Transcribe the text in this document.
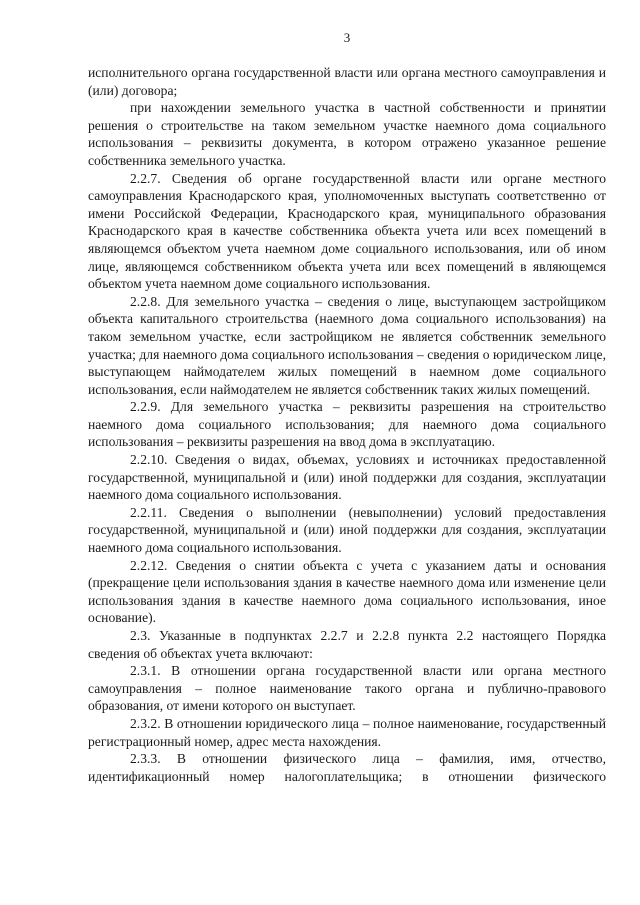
3

исполнительного органа государственной власти или органа местного самоуправления и (или) договора;

при нахождении земельного участка в частной собственности и принятии решения о строительстве на таком земельном участке наемного дома социального использования – реквизиты документа, в котором отражено указанное решение собственника земельного участка.

2.2.7. Сведения об органе государственной власти или органе местного самоуправления Краснодарского края, уполномоченных выступать соответственно от имени Российской Федерации, Краснодарского края, муниципального образования Краснодарского края в качестве собственника объекта учета или всех помещений в являющемся объектом учета наемном доме социального использования, или об ином лице, являющемся собственником объекта учета или всех помещений в являющемся объектом учета наемном доме социального использования.

2.2.8. Для земельного участка – сведения о лице, выступающем застройщиком объекта капитального строительства (наемного дома социального использования) на таком земельном участке, если застройщиком не является собственник земельного участка; для наемного дома социального использования – сведения о юридическом лице, выступающем наймодателем жилых помещений в наемном доме социального использования, если наймодателем не является собственник таких жилых помещений.

2.2.9. Для земельного участка – реквизиты разрешения на строительство наемного дома социального использования; для наемного дома социального использования – реквизиты разрешения на ввод дома в эксплуатацию.

2.2.10. Сведения о видах, объемах, условиях и источниках предоставленной государственной, муниципальной и (или) иной поддержки для создания, эксплуатации наемного дома социального использования.

2.2.11. Сведения о выполнении (невыполнении) условий предоставления государственной, муниципальной и (или) иной поддержки для создания, эксплуатации наемного дома социального использования.

2.2.12. Сведения о снятии объекта с учета с указанием даты и основания (прекращение цели использования здания в качестве наемного дома или изменение цели использования здания в качестве наемного дома социального использования, иное основание).

2.3. Указанные в подпунктах 2.2.7 и 2.2.8 пункта 2.2 настоящего Порядка сведения об объектах учета включают:

2.3.1. В отношении органа государственной власти или органа местного самоуправления – полное наименование такого органа и публично-правового образования, от имени которого он выступает.

2.3.2. В отношении юридического лица – полное наименование, государственный регистрационный номер, адрес места нахождения.

2.3.3. В отношении физического лица – фамилия, имя, отчество, идентификационный номер налогоплательщика; в отношении физического
